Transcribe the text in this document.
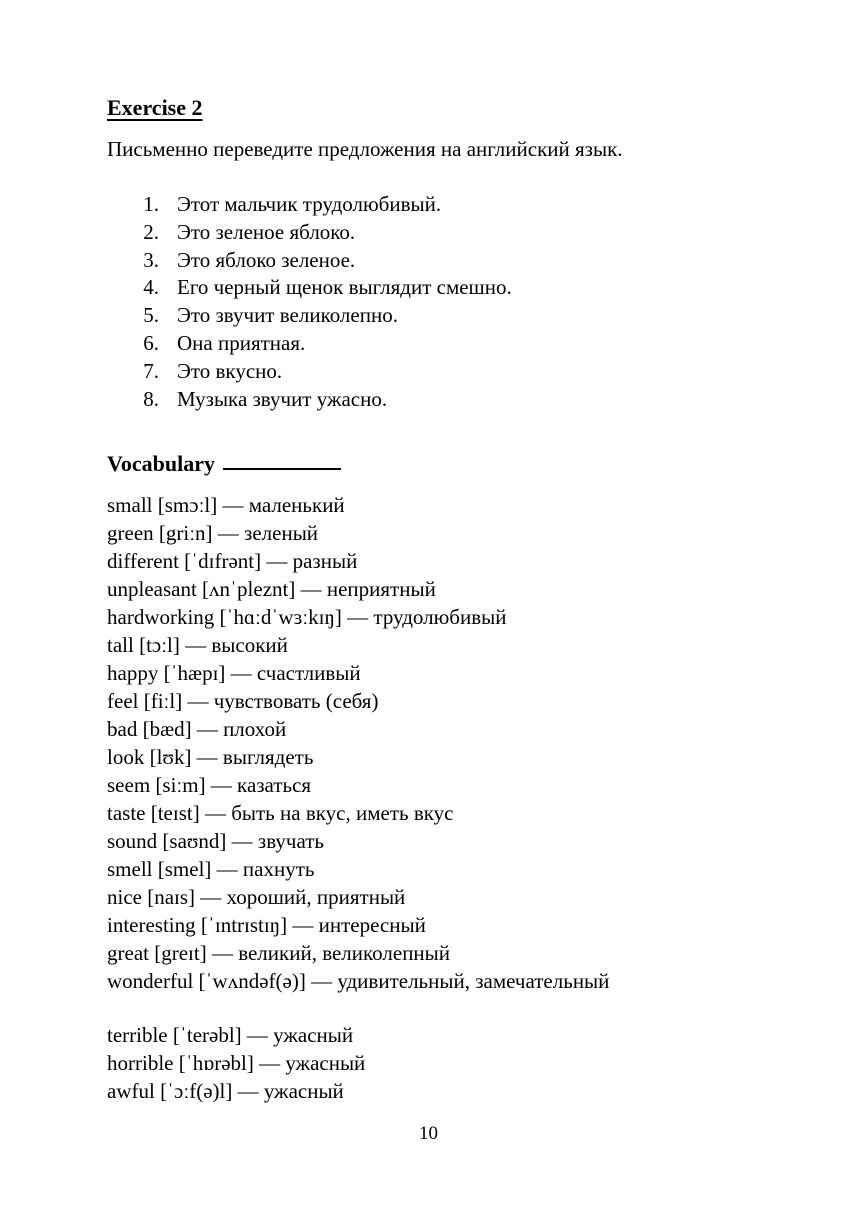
Exercise 2

Письменно переведите предложения на английский язык.

1. Этот мальчик трудолюбивый.
2. Это зеленое яблоко.
3. Это яблоко зеленое.
4. Его черный щенок выглядит смешно.
5. Это звучит великолепно.
6. Она приятная.
7. Это вкусно.
8. Музыка звучит ужасно.
Vocabulary
small [smɔːl] — маленький
green [griːn] — зеленый
different [ˈdɪfrənt] — разный
unpleasant [ʌnˈpleznt] — неприятный
hardworking [ˈhɑːdˈwɜːkɪŋ] — трудолюбивый
tall [tɔːl] — высокий
happy [ˈhæpɪ] — счастливый
feel [fiːl] — чувствовать (себя)
bad [bæd] — плохой
look [lʊk] — выглядеть
seem [siːm] — казаться
taste [teɪst] — быть на вкус, иметь вкус
sound [saʊnd] — звучать
smell [smel] — пахнуть
nice [naɪs] — хороший, приятный
interesting [ˈɪntrɪstɪŋ] — интересный
great [greɪt] — великий, великолепный
wonderful [ˈwʌndəf(ə)] — удивительный, замечательный
terrible [ˈterəbl] — ужасный
horrible [ˈhɒrəbl] — ужасный
awful [ˈɔːf(ə)l] — ужасный
10
